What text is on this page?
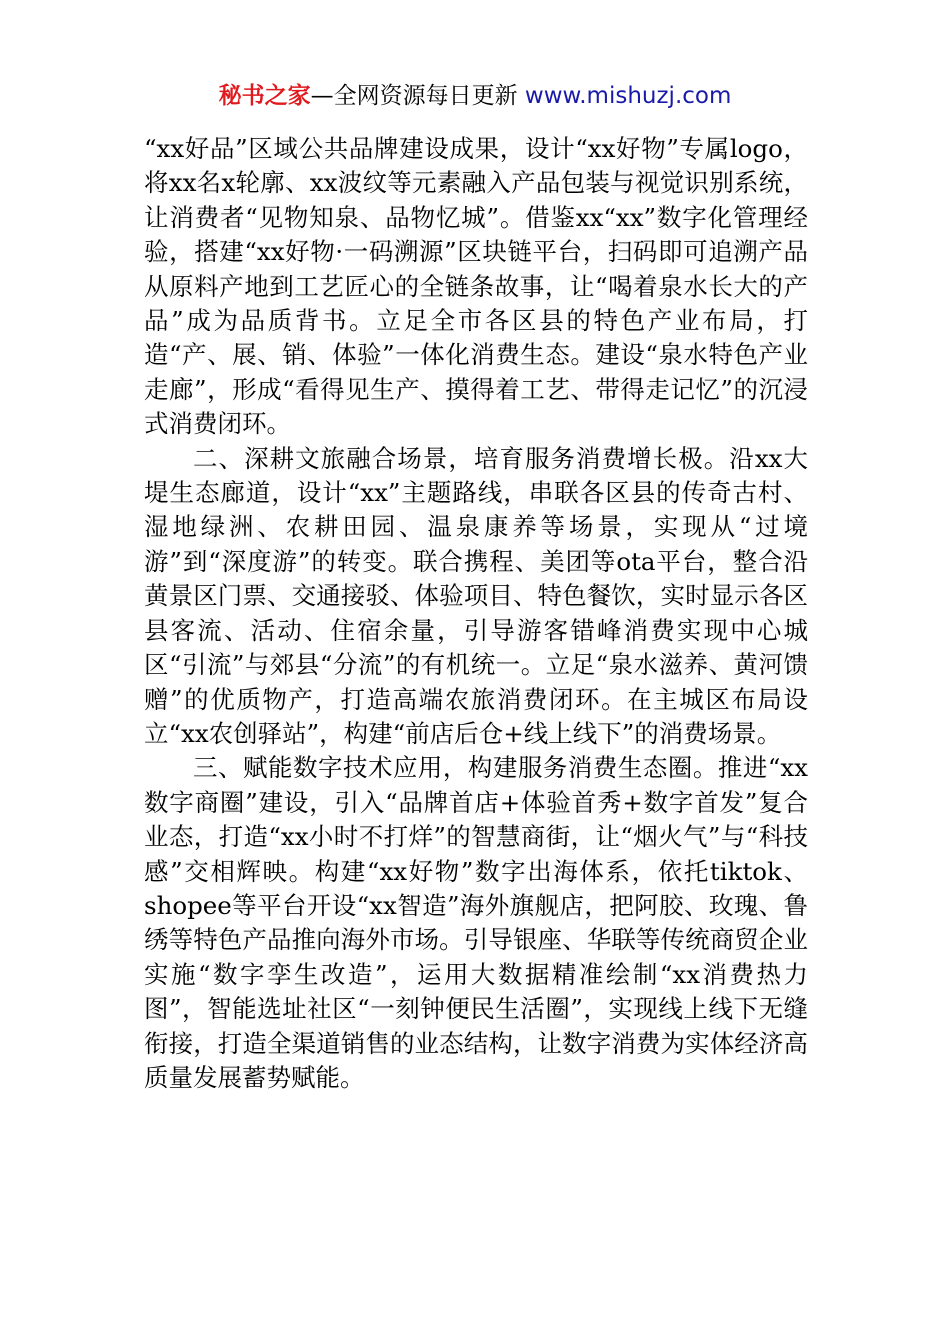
秘书之家—全网资源每日更新 www.mishuzj.com

“xx好品”区域公共品牌建设成果，设计“xx好物”专属logo，将xx名x轮廓、xx波纹等元素融入产品包装与视觉识别系统，让消费者“见物知泉、品物忆城”。借鉴xx“xx”数字化管理经验，搭建“xx好物·一码溯源”区块链平台，扫码即可追溯产品从原料产地到工艺匠心的全链条故事，让“喝着泉水长大的产品”成为品质背书。立足全市各区县的特色产业布局，打造“产、展、销、体验”一体化消费生态。建设“泉水特色产业走廊”，形成“看得见生产、摸得着工艺、带得走记忆”的沉浸式消费闭环。

二、深耕文旅融合场景，培育服务消费增长极。沿xx大堤生态廊道，设计“xx”主题路线，串联各区县的传奇古村、湿地绿洲、农耕田园、温泉康养等场景，实现从“过境游”到“深度游”的转变。联合携程、美团等ota平台，整合沿黄景区门票、交通接驳、体验项目、特色餐饮，实时显示各区县客流、活动、住宿余量，引导游客错峰消费实现中心城区“引流”与郊县“分流”的有机统一。立足“泉水滋养、黄河馈赠”的优质物产，打造高端农旅消费闭环。在主城区布局设立“xx农创驿站”，构建“前店后仓+线上线下”的消费场景。

三、赋能数字技术应用，构建服务消费生态圈。推进“xx数字商圈”建设，引入“品牌首店+体验首秀+数字首发”复合业态，打造“xx小时不打烊”的智慧商街，让“烟火气”与“科技感”交相辉映。构建“xx好物”数字出海体系，依托tiktok、shopee等平台开设“xx智造”海外旗舰店，把阿胶、玫瑰、鲁绣等特色产品推向海外市场。引导银座、华联等传统商贸企业实施“数字孪生改造”，运用大数据精准绘制“xx消费热力图”，智能选址社区“一刻钟便民生活圈”，实现线上线下无缝衔接，打造全渠道销售的业态结构，让数字消费为实体经济高质量发展蓄势赋能。
